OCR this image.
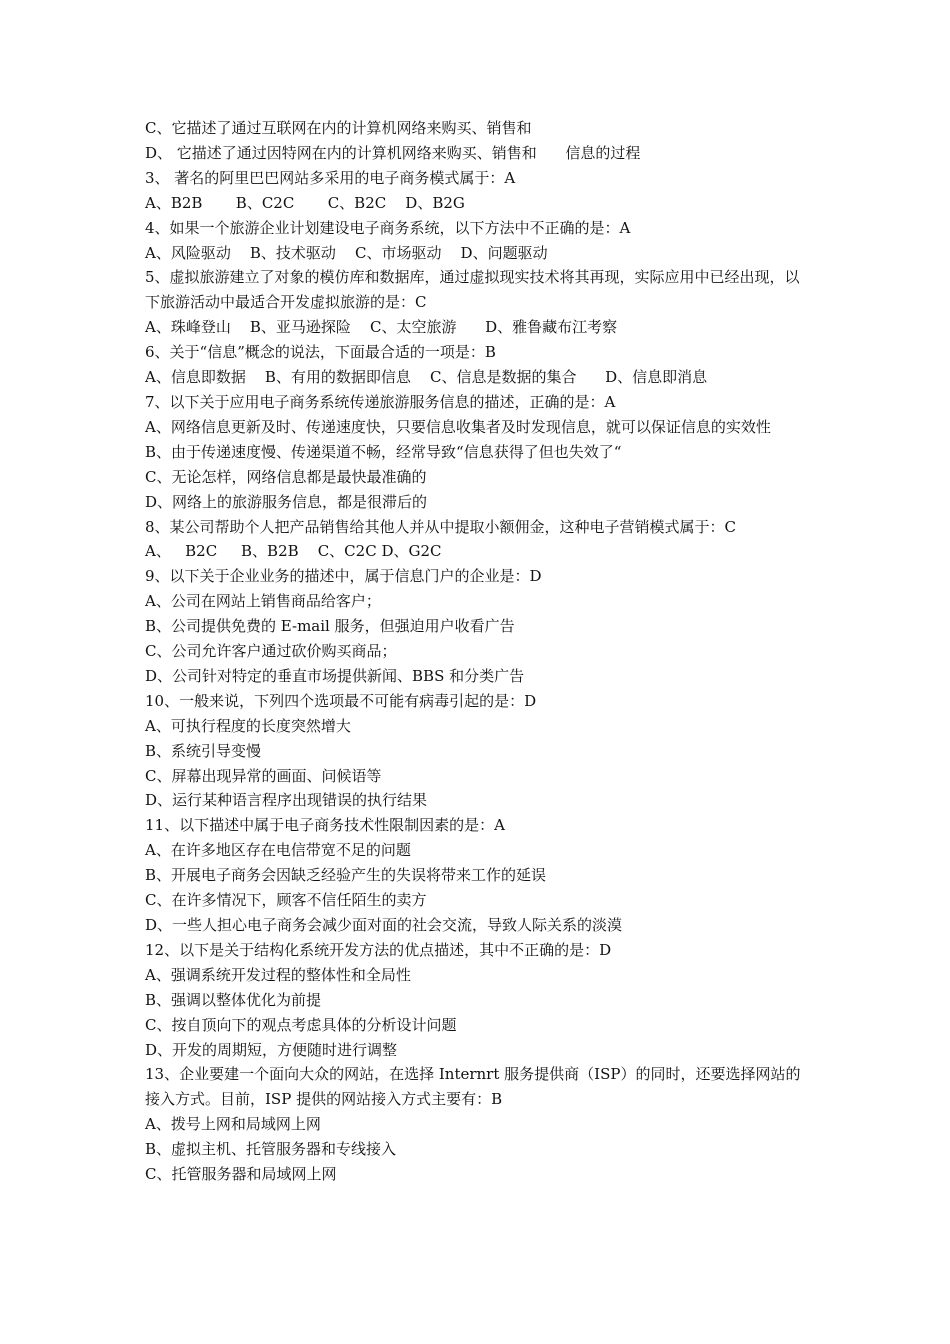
C、它描述了通过互联网在内的计算机网络来购买、销售和

D、 它描述了通过因特网在内的计算机网络来购买、销售和      信息的过程

3、 著名的阿里巴巴网站多采用的电子商务模式属于：A

A、B2B       B、C2C       C、B2C    D、B2G

4、如果一个旅游企业计划建设电子商务系统，以下方法中不正确的是：A

A、风险驱动    B、技术驱动    C、市场驱动    D、问题驱动

5、虚拟旅游建立了对象的模仿库和数据库，通过虚拟现实技术将其再现，实际应用中已经出现，以下旅游活动中最适合开发虚拟旅游的是：C

A、珠峰登山    B、亚马逊探险    C、太空旅游      D、雅鲁藏布江考察

6、关于“信息”概念的说法，下面最合适的一项是：B

A、信息即数据    B、有用的数据即信息    C、信息是数据的集合      D、信息即消息

7、以下关于应用电子商务系统传递旅游服务信息的描述，正确的是：A

A、网络信息更新及时、传递速度快，只要信息收集者及时发现信息，就可以保证信息的实效性

B、由于传递速度慢、传递渠道不畅，经常导致“信息获得了但也失效了“

C、无论怎样，网络信息都是最快最准确的

D、网络上的旅游服务信息，都是很滞后的

8、某公司帮助个人把产品销售给其他人并从中提取小额佣金，这种电子营销模式属于：C

A、   B2C     B、B2B    C、C2C D、G2C

9、以下关于企业业务的描述中，属于信息门户的企业是：D

A、公司在网站上销售商品给客户；

B、公司提供免费的 E-mail 服务，但强迫用户收看广告

C、公司允许客户通过砍价购买商品；

D、公司针对特定的垂直市场提供新闻、BBS 和分类广告

10、一般来说，下列四个选项最不可能有病毒引起的是：D

A、可执行程度的长度突然增大

B、系统引导变慢

C、屏幕出现异常的画面、问候语等

D、运行某种语言程序出现错误的执行结果

11、以下描述中属于电子商务技术性限制因素的是：A

A、在许多地区存在电信带宽不足的问题

B、开展电子商务会因缺乏经验产生的失误将带来工作的延误

C、在许多情况下，顾客不信任陌生的卖方

D、一些人担心电子商务会减少面对面的社会交流，导致人际关系的淡漠

12、以下是关于结构化系统开发方法的优点描述，其中不正确的是：D

A、强调系统开发过程的整体性和全局性

B、强调以整体优化为前提

C、按自顶向下的观点考虑具体的分析设计问题

D、开发的周期短，方便随时进行调整

13、企业要建一个面向大众的网站，在选择 Internrt 服务提供商（ISP）的同时，还要选择网站的接入方式。目前，ISP 提供的网站接入方式主要有：B

A、拨号上网和局域网上网

B、虚拟主机、托管服务器和专线接入

C、托管服务器和局域网上网
